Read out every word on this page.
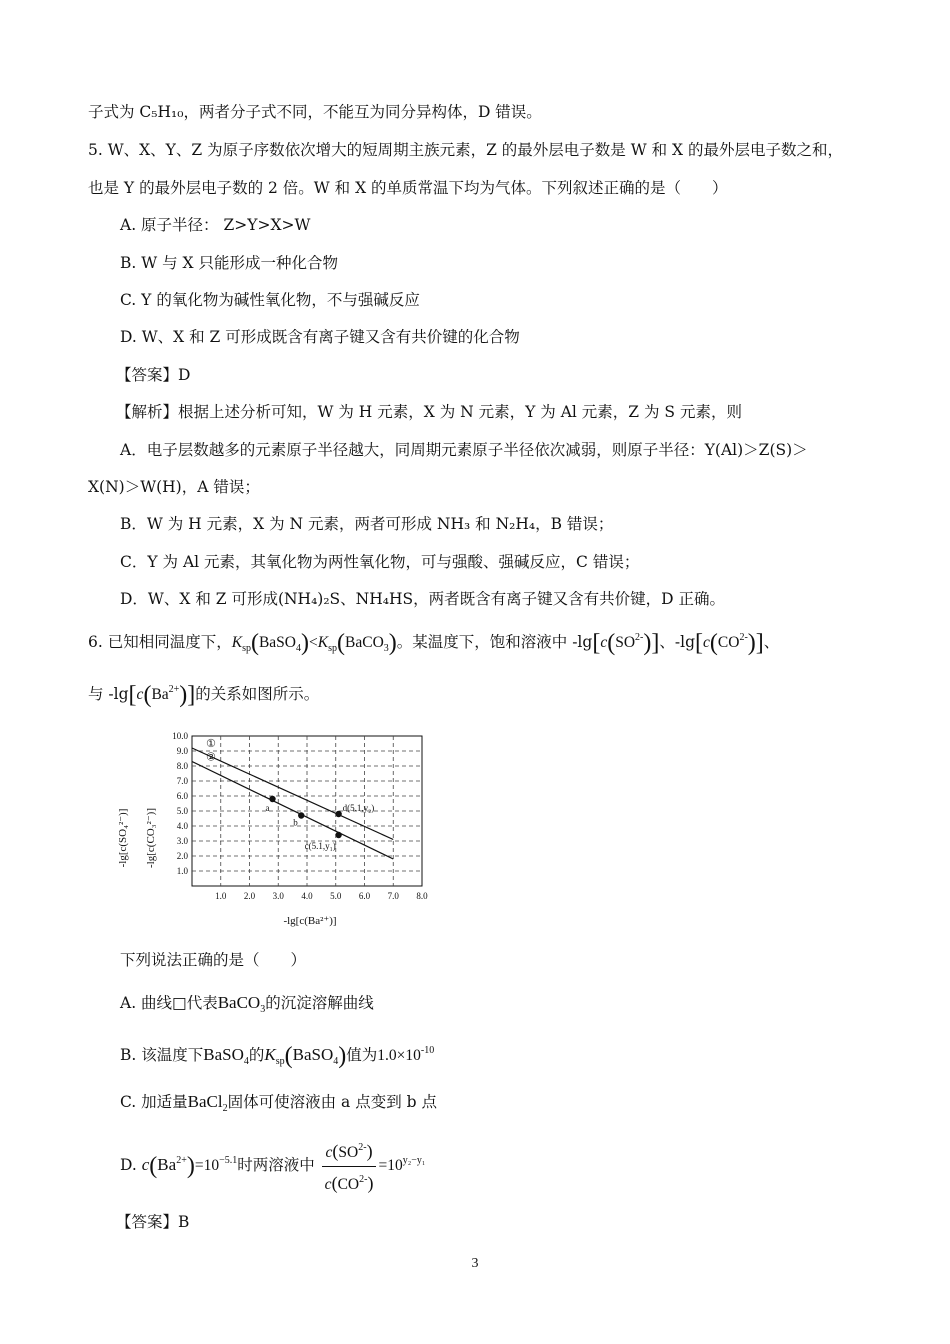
子式为 C₅H₁₀，两者分子式不同，不能互为同分异构体，D 错误。
5. W、X、Y、Z 为原子序数依次增大的短周期主族元素，Z 的最外层电子数是 W 和 X 的最外层电子数之和，
也是 Y 的最外层电子数的 2 倍。W 和 X 的单质常温下均为气体。下列叙述正确的是（　　）
A. 原子半径： Z>Y>X>W
B. W 与 X 只能形成一种化合物
C. Y 的氧化物为碱性氧化物，不与强碱反应
D. W、X 和 Z 可形成既含有离子键又含有共价键的化合物
【答案】D
【解析】根据上述分析可知，W 为 H 元素，X 为 N 元素，Y 为 Al 元素，Z 为 S 元素，则
A．电子层数越多的元素原子半径越大，同周期元素原子半径依次减弱，则原子半径：Y(Al)＞Z(S)＞
X(N)＞W(H)，A 错误；
B．W 为 H 元素，X 为 N 元素，两者可形成 NH₃ 和 N₂H₄，B 错误；
C．Y 为 Al 元素，其氧化物为两性氧化物，可与强酸、强碱反应，C 错误；
D．W、X 和 Z 可形成(NH₄)₂S、NH₄HS，两者既含有离子键又含有共价键，D 正确。
6. 已知相同温度下，$K_{sp}(BaSO_4)<K_{sp}(BaCO_3)$。某温度下，饱和溶液中 $-\lg[c(SO^{2-})]$、$-\lg[c(CO^{2-})]$、
与 $-\lg[c(Ba^{2+})]$的关系如图所示。
-lg[c(SO₄²⁻)] -lg[c(CO₃²⁻)]
①
②
a
b
d(5.1,y₂)
c(5.1,y₁)
1.0
2.0
3.0
4.0
5.0
6.0
7.0
8.0
9.0
10.0
1.0 2.0 3.0 4.0 5.0 6.0 7.0 8.0
-lg[c(Ba²⁺)]
下列说法正确的是（　　）
A. 曲线□代表BaCO$_3$的沉淀溶解曲线
B. 该温度下BaSO$_4$的$K_{sp}(BaSO_4)$值为$1.0\times 10^{-10}$
C. 加适量BaCl$_2$固体可使溶液由 a 点变到 b 点
D. $c(Ba^{2+})=10^{-5.1}$时两溶液中 $\frac{c(SO^{2-})}{c(CO^{2-})} =10^{y_2-y_1}$
【答案】B
3
